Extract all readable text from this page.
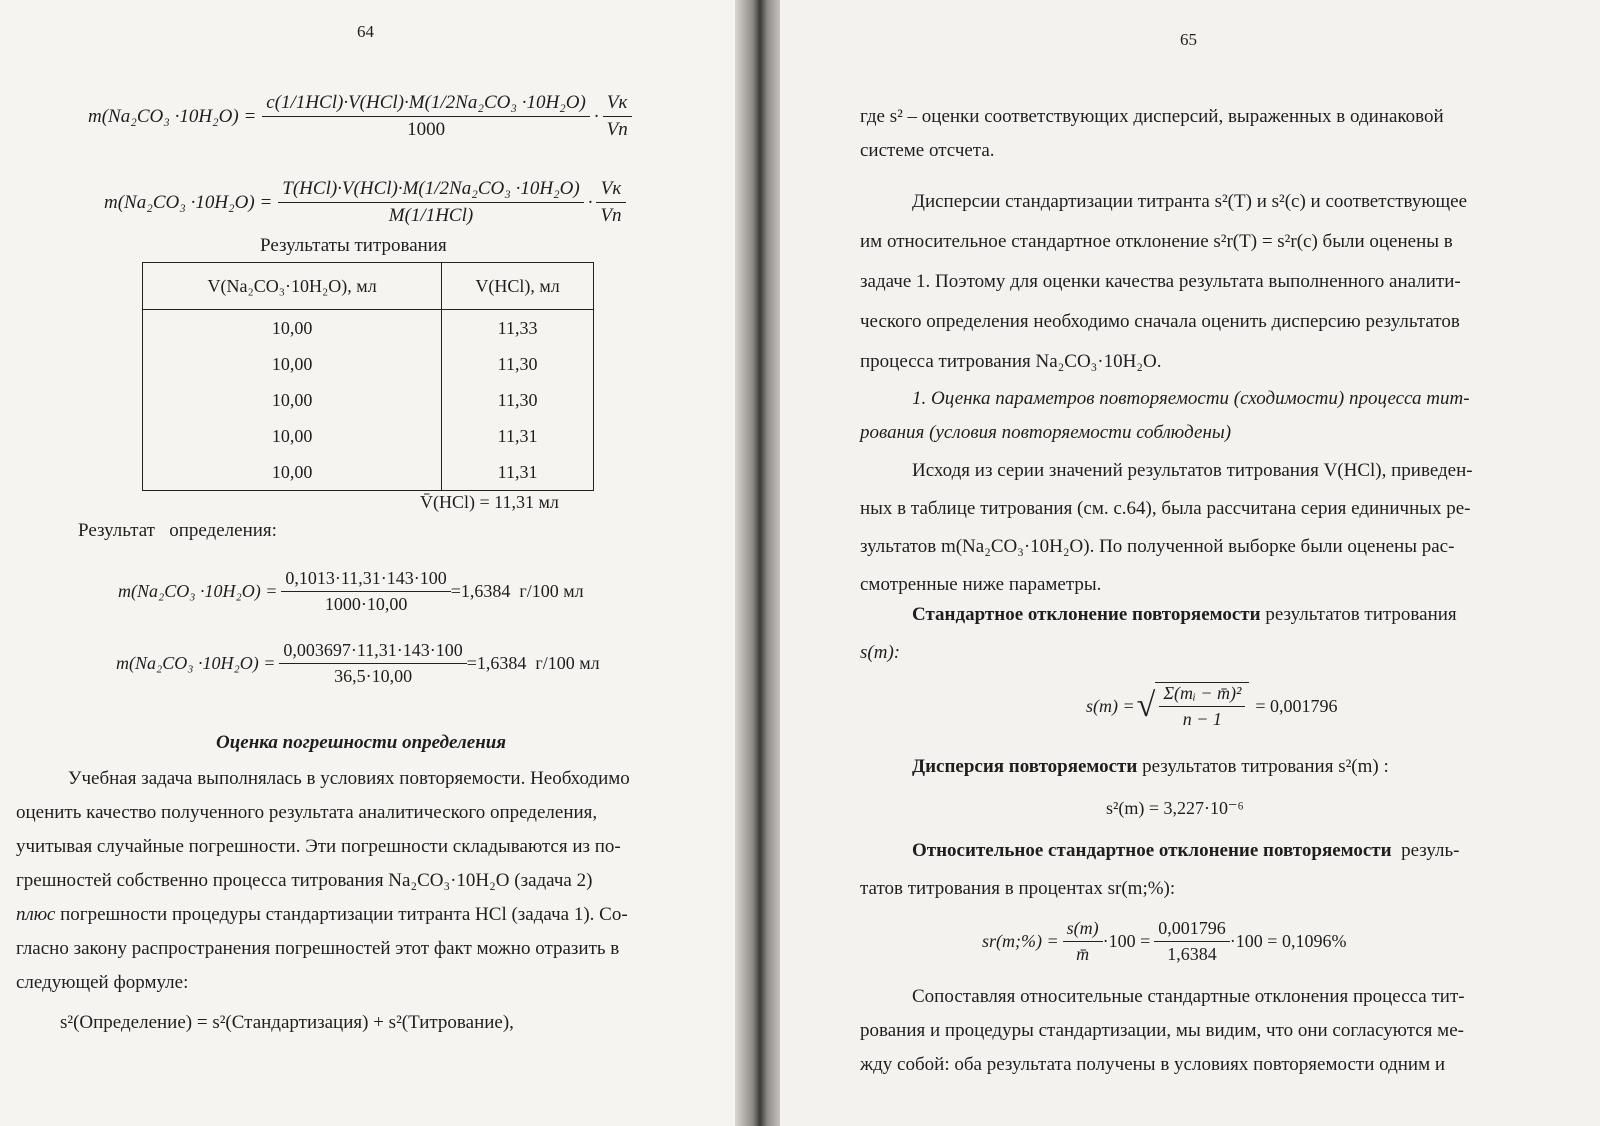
64
m(Na₂CO₃ ·10H₂O) =
c(1/1HCl)·V(HCl)·M(1/2Na₂CO₃ ·10H₂O)
1000
·
Vк
Vп
m(Na₂CO₃ ·10H₂O) =
T(HCl)·V(HCl)·M(1/2Na₂CO₃ ·10H₂O)
M(1/1HCl)
·
Vк
Vп
Результаты титрования
V(Na₂CO₃·10H₂O), мл	V(HCl), мл
10,00	11,33
10,00	11,30
10,00	11,30
10,00	11,31
10,00	11,31
V̄(HCl) = 11,31 мл
Результат   определения:
$m(Na_2CO_3 \cdot 10H_2O) = \frac{0,1013\cdot 11,31\cdot 143\cdot 100}{1000\cdot 10,00} =1,6384$  г/100 мл
$m(Na_2CO_3 \cdot 10H_2O) = \frac{0,003697\cdot 11,31\cdot 143\cdot 100}{36,5\cdot 10,00} =1,6384$  г/100 мл
Оценка погрешности определения
Учебная задача выполнялась в условиях повторяемости. Необходимо
оценить качество полученного результата аналитического определения,
учитывая случайные погрешности. Эти погрешности складываются из по-
грешностей собственно процесса титрования Na₂CO₃·10H₂O (задача 2)
плюс погрешности процедуры стандартизации титранта HCl (задача 1). Со-
гласно закону распространения погрешностей этот факт можно отразить в
следующей формуле:
s²(Определение) = s²(Стандартизация) + s²(Титрование),
65
где s² – оценки соответствующих дисперсий, выраженных в одинаковой
системе отсчета.
Дисперсии стандартизации титранта s²(T) и s²(c) и соответствующее
им относительное стандартное отклонение s²r(T) = s²r(c) были оценены в
задаче 1. Поэтому для оценки качества результата выполненного аналити-
ческого определения необходимо сначала оценить дисперсию результатов
процесса титрования Na₂CO₃·10H₂O.
1. Оценка параметров повторяемости (сходимости) процесса тит-
рования (условия повторяемости соблюдены)
Исходя из серии значений результатов титрования V(HCl), приведен-
ных в таблице титрования (см. с.64), была рассчитана серия единичных ре-
зультатов m(Na₂CO₃·10H₂O). По полученной выборке были оценены рас-
смотренные ниже параметры.
Стандартное отклонение повторяемости результатов титрования
s(m):
s(m) = √ $\frac{\text{Σ(mᵢ − m̄)²}}{n - 1} = 0,001796$
Дисперсия повторяемости результатов титрования s²(m) :
s²(m) = 3,227·10⁻⁶
Относительное стандартное отклонение повторяемости  резуль-
татов титрования в процентах sr(m;%):
sr(m;%) = $\frac{s(m)}{m̄} \cdot 100 = \frac{0,001796}{1,6384} \cdot 100 = 0,1096\%$
Сопоставляя относительные стандартные отклонения процесса тит-
рования и процедуры стандартизации, мы видим, что они согласуются ме-
жду собой: оба результата получены в условиях повторяемости одним и
